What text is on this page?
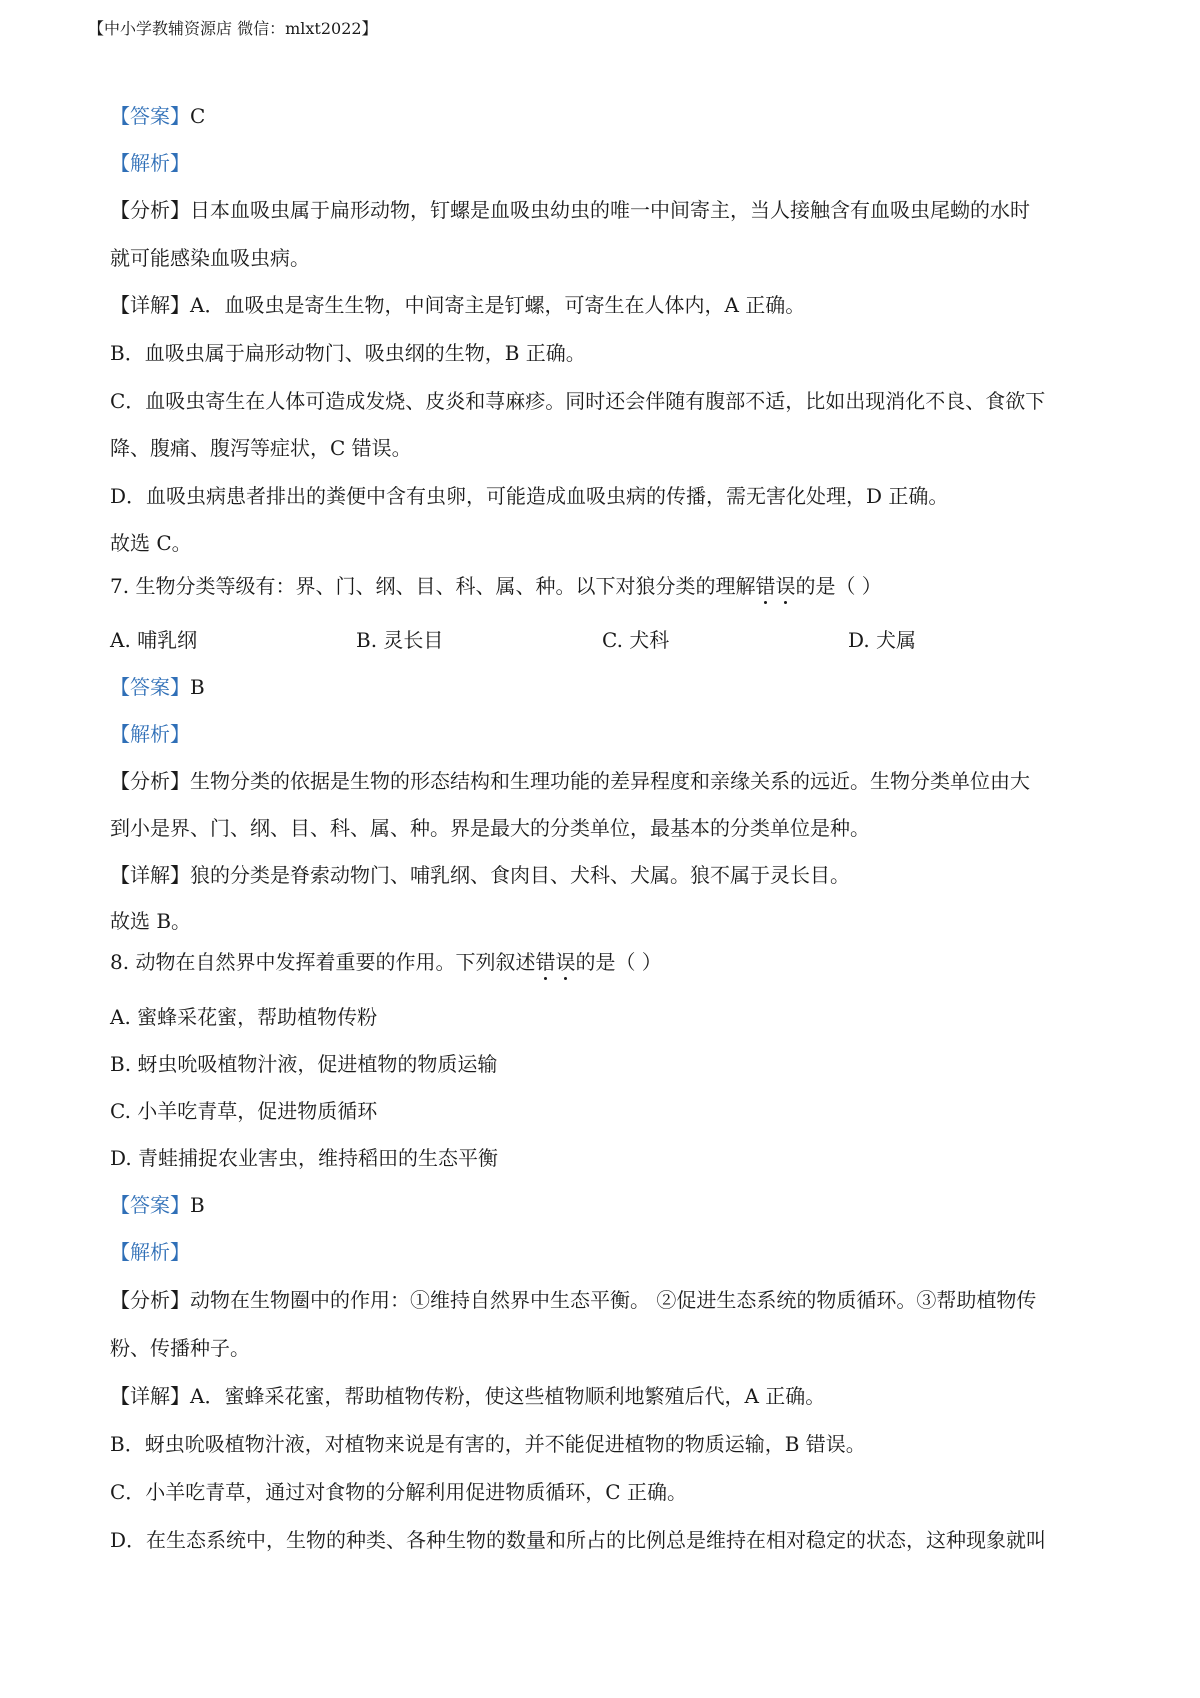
【中小学教辅资源店 微信：mlxt2022】
【答案】C
【解析】
【分析】日本血吸虫属于扁形动物，钉螺是血吸虫幼虫的唯一中间寄主，当人接触含有血吸虫尾蚴的水时
就可能感染血吸虫病。
【详解】A．血吸虫是寄生生物，中间寄主是钉螺，可寄生在人体内，A 正确。
B．血吸虫属于扁形动物门、吸虫纲的生物，B 正确。
C．血吸虫寄生在人体可造成发烧、皮炎和荨麻疹。同时还会伴随有腹部不适，比如出现消化不良、食欲下
降、腹痛、腹泻等症状，C 错误。
D．血吸虫病患者排出的粪便中含有虫卵，可能造成血吸虫病的传播，需无害化处理，D 正确。
故选 C。
7. 生物分类等级有：界、门、纲、目、科、属、种。以下对狼分类的理解错误的是（ ）
A. 哺乳纲	B. 灵长目	C. 犬科	D. 犬属
【答案】B
【解析】
【分析】生物分类的依据是生物的形态结构和生理功能的差异程度和亲缘关系的远近。生物分类单位由大
到小是界、门、纲、目、科、属、种。界是最大的分类单位，最基本的分类单位是种。
【详解】狼的分类是脊索动物门、哺乳纲、食肉目、犬科、犬属。狼不属于灵长目。
故选 B。
8. 动物在自然界中发挥着重要的作用。下列叙述错误的是（ ）
A. 蜜蜂采花蜜，帮助植物传粉
B. 蚜虫吮吸植物汁液，促进植物的物质运输
C. 小羊吃青草，促进物质循环
D. 青蛙捕捉农业害虫，维持稻田的生态平衡
【答案】B
【解析】
【分析】动物在生物圈中的作用：①维持自然界中生态平衡。 ②促进生态系统的物质循环。③帮助植物传
粉、传播种子。
【详解】A．蜜蜂采花蜜，帮助植物传粉，使这些植物顺利地繁殖后代，A 正确。
B．蚜虫吮吸植物汁液，对植物来说是有害的，并不能促进植物的物质运输，B 错误。
C．小羊吃青草，通过对食物的分解利用促进物质循环，C 正确。
D．在生态系统中，生物的种类、各种生物的数量和所占的比例总是维持在相对稳定的状态，这种现象就叫
